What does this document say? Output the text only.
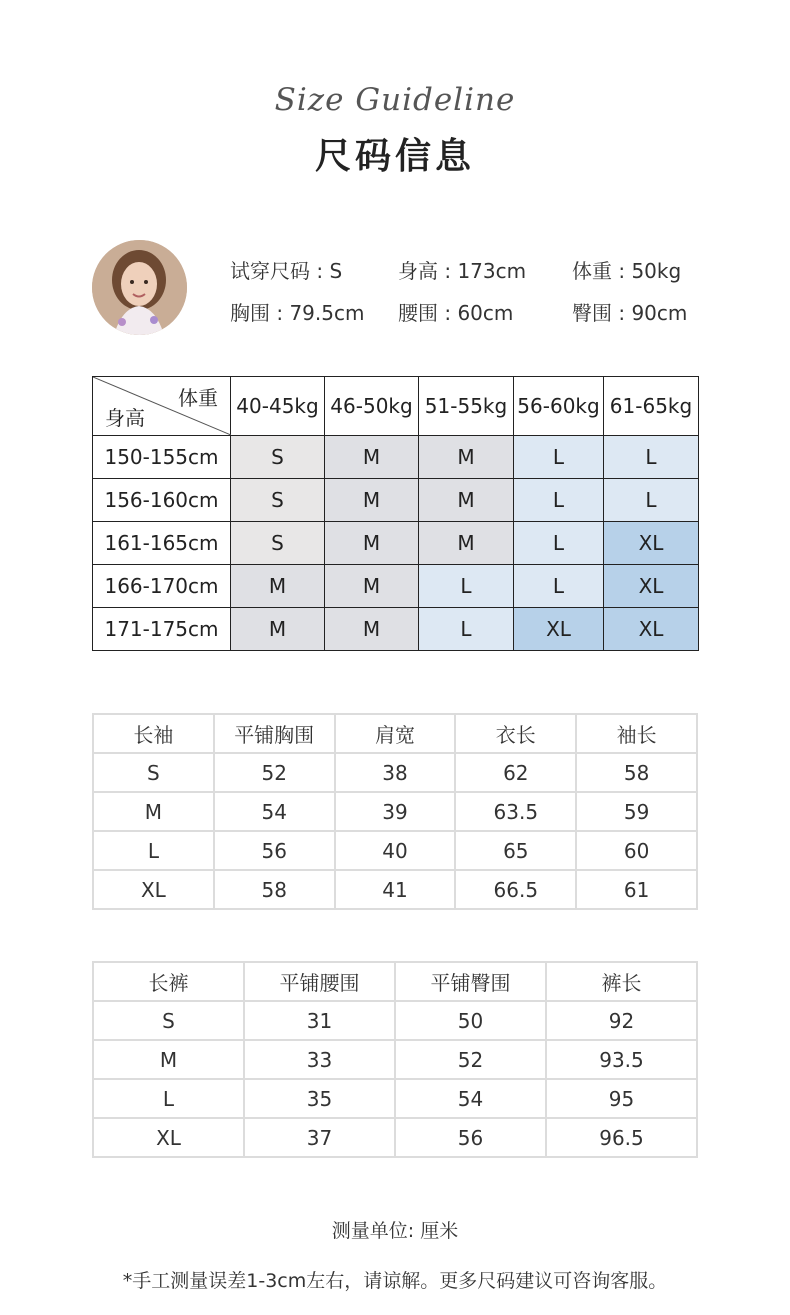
Size Guideline
尺码信息
试穿尺码 : S	身高 : 173cm 体重 : 50kg
胸围 : 79.5cm 腰围 : 60cm	臀围 : 90cm
体重
身高	40-45kg	46-50kg	51-55kg	56-60kg	61-65kg
150-155cm	S	M	M	L	L
156-160cm	S	M	M	L	L
161-165cm	S	M	M	L	XL
166-170cm	M	M	L	L	XL
171-175cm	M	M	L	XL	XL
长袖	平铺胸围	肩宽	衣长	袖长
S	52	38	62	58
M	54	39	63.5	59
L	56	40	65	60
XL	58	41	66.5	61
长裤	平铺腰围	平铺臀围	裤长
S	31	50	92
M	33	52	93.5
L	35	54	95
XL	37	56	96.5
测量单位: 厘米
*手工测量误差1-3cm左右，请谅解。更多尺码建议可咨询客服。
